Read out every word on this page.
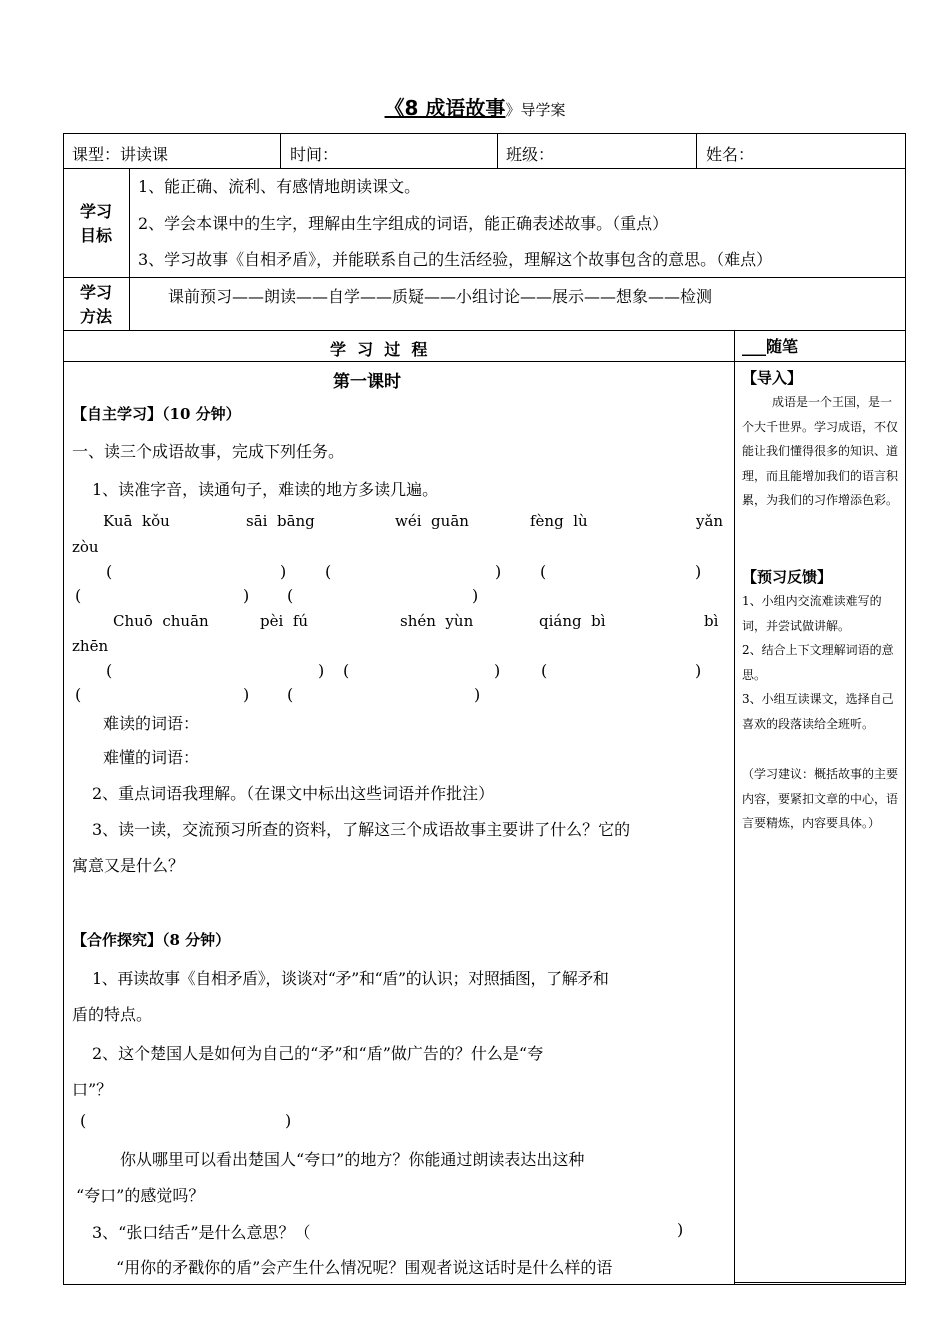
《8 成语故事》导学案
课型：讲读课	时间：	班级：	姓名：
学习
目标
1、能正确、流利、有感情地朗读课文。
2、学会本课中的生字，理解由生字组成的词语，能正确表述故事。（重点）
3、学习故事《自相矛盾》，并能联系自己的生活经验，理解这个故事包含的意思。（难点）
学习
方法
课前预习——朗读——自学——质疑——小组讨论——展示——想象——检测
学  习  过  程	___随笔
第一课时
【自主学习】（10 分钟）
一、读三个成语故事，完成下列任务。
1、读准字音，读通句子，难读的地方多读几遍。
Kuā  kǒu	sāi  bāng	wéi  guān	fèng  lù	yǎn
zòu
(	) (	) (	)
(	) (	)
Chuō  chuān	pèi  fú	shén  yùn	qiáng  bì	bì
zhēn
(	) (	)	(	)
(	) (	)
难读的词语：
难懂的词语：
2、重点词语我理解。（在课文中标出这些词语并作批注）
3、读一读，交流预习所查的资料，了解这三个成语故事主要讲了什么？它的
寓意又是什么？
【合作探究】（8 分钟）
1、再读故事《自相矛盾》，谈谈对“矛”和“盾”的认识；对照插图，了解矛和
盾的特点。
2、这个楚国人是如何为自己的“矛”和“盾”做广告的？什么是“夸
口”？
(	)
你从哪里可以看出楚国人“夸口”的地方？你能通过朗读表达出这种
“夸口”的感觉吗？
3、“张口结舌”是什么意思？（	)
“用你的矛戳你的盾”会产生什么情况呢？围观者说这话时是什么样的语
【导入】
成语是一个王国，是一个大千世界。学习成语，不仅能让我们懂得很多的知识、道理，而且能增加我们的语言积累，为我们的习作增添色彩。
【预习反馈】
1、小组内交流难读难写的词，并尝试做讲解。
2、结合上下文理解词语的意思。
3、小组互读课文，选择自己喜欢的段落读给全班听。
（学习建议：概括故事的主要内容，要紧扣文章的中心，语言要精炼，内容要具体。）
